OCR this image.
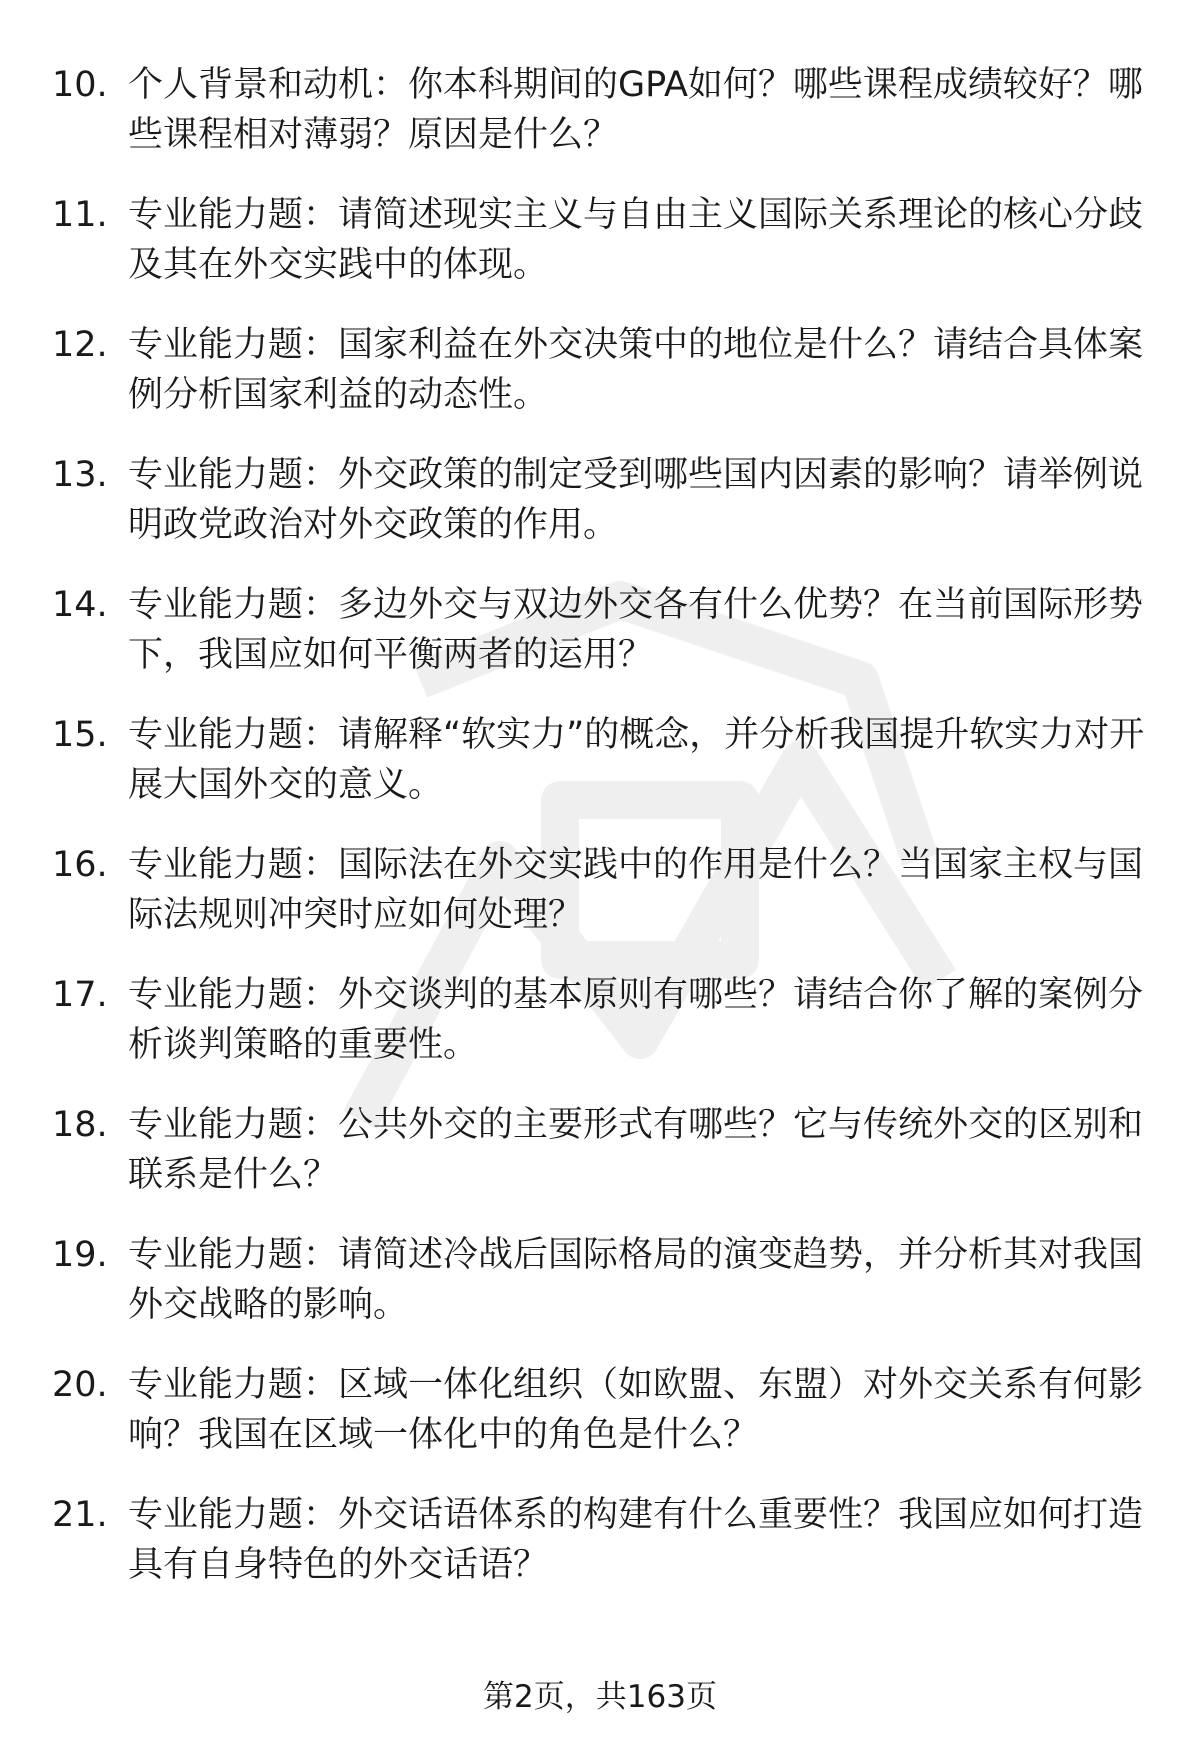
10. 个人背景和动机：你本科期间的GPA如何？哪些课程成绩较好？哪些课程相对薄弱？原因是什么？
11. 专业能力题：请简述现实主义与自由主义国际关系理论的核心分歧及其在外交实践中的体现。
12. 专业能力题：国家利益在外交决策中的地位是什么？请结合具体案例分析国家利益的动态性。
13. 专业能力题：外交政策的制定受到哪些国内因素的影响？请举例说明政党政治对外交政策的作用。
14. 专业能力题：多边外交与双边外交各有什么优势？在当前国际形势下，我国应如何平衡两者的运用？
15. 专业能力题：请解释“软实力”的概念，并分析我国提升软实力对开展大国外交的意义。
16. 专业能力题：国际法在外交实践中的作用是什么？当国家主权与国际法规则冲突时应如何处理？
17. 专业能力题：外交谈判的基本原则有哪些？请结合你了解的案例分析谈判策略的重要性。
18. 专业能力题：公共外交的主要形式有哪些？它与传统外交的区别和联系是什么？
19. 专业能力题：请简述冷战后国际格局的演变趋势，并分析其对我国外交战略的影响。
20. 专业能力题：区域一体化组织（如欧盟、东盟）对外交关系有何影响？我国在区域一体化中的角色是什么？
21. 专业能力题：外交话语体系的构建有什么重要性？我国应如何打造具有自身特色的外交话语？
第2页，共163页
